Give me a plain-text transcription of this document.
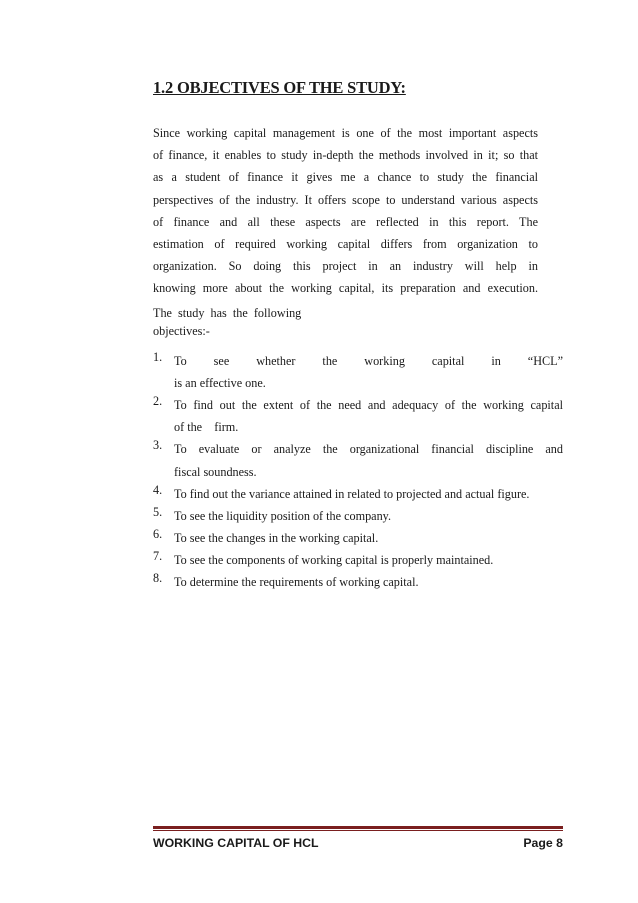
1.2 OBJECTIVES OF THE STUDY:
Since working capital management is one of the most important aspects
of finance, it enables to study in-depth the methods involved in it; so that
as a student of finance it gives me a chance to study the financial
perspectives of the industry. It offers scope to understand various aspects
of finance and all these aspects are reflected in this report. The
estimation of required working capital differs from organization to
organization. So doing this project in an industry will help in
knowing more about the working capital, its preparation and execution.
The  study  has  the  following
objectives:-
1. To see whether the working capital in “HCL”
is an effective one.
2. To find out the extent of the need and adequacy of the working capital
of the    firm.
3. To evaluate or analyze the organizational financial discipline and
fiscal soundness.
4. To find out the variance attained in related to projected and actual figure.
5. To see the liquidity position of the company.
6. To see the changes in the working capital.
7. To see the components of working capital is properly maintained.
8. To determine the requirements of working capital.
WORKING CAPITAL OF HCL	Page 8
